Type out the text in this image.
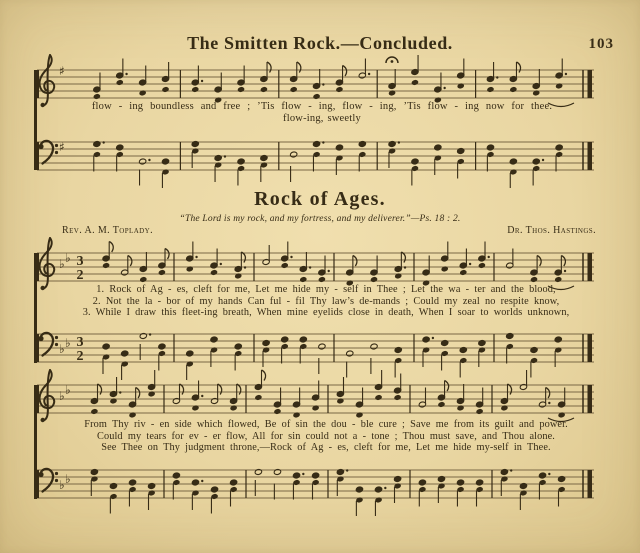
The Smitten Rock.—Concluded.	103
♯
flow - ing boundless and free ; ’Tis flow - ing, flow - ing, ’Tis flow - ing now for thee.
flow-ing, sweetly
♯
Rock of Ages.
“The Lord is my rock, and my fortress, and my deliverer.”—Ps. 18 : 2.
Rev. A. M. Toplady.	Dr. Thos. Hastings.
♭ ♭ 3
2
1. Rock of Ag - es, cleft for me, Let me hide my - self in Thee ; Let the wa - ter and the blood,
2. Not the la - bor of my hands Can ful - fil Thy law’s de-mands ; Could my zeal no respite know,
3. While I draw this fleet-ing breath, When mine eyelids close in death, When I soar to worlds unknown,
♭ ♭ 3
2
♭ ♭
From Thy riv - en side which flowed, Be of sin the dou - ble cure ; Save me from its guilt and power.
Could my tears for ev - er flow, All for sin could not a - tone ; Thou must save, and Thou alone.
See Thee on Thy judgment throne,—Rock of Ag - es, cleft for me, Let me hide my-self in Thee.
♭ ♭
